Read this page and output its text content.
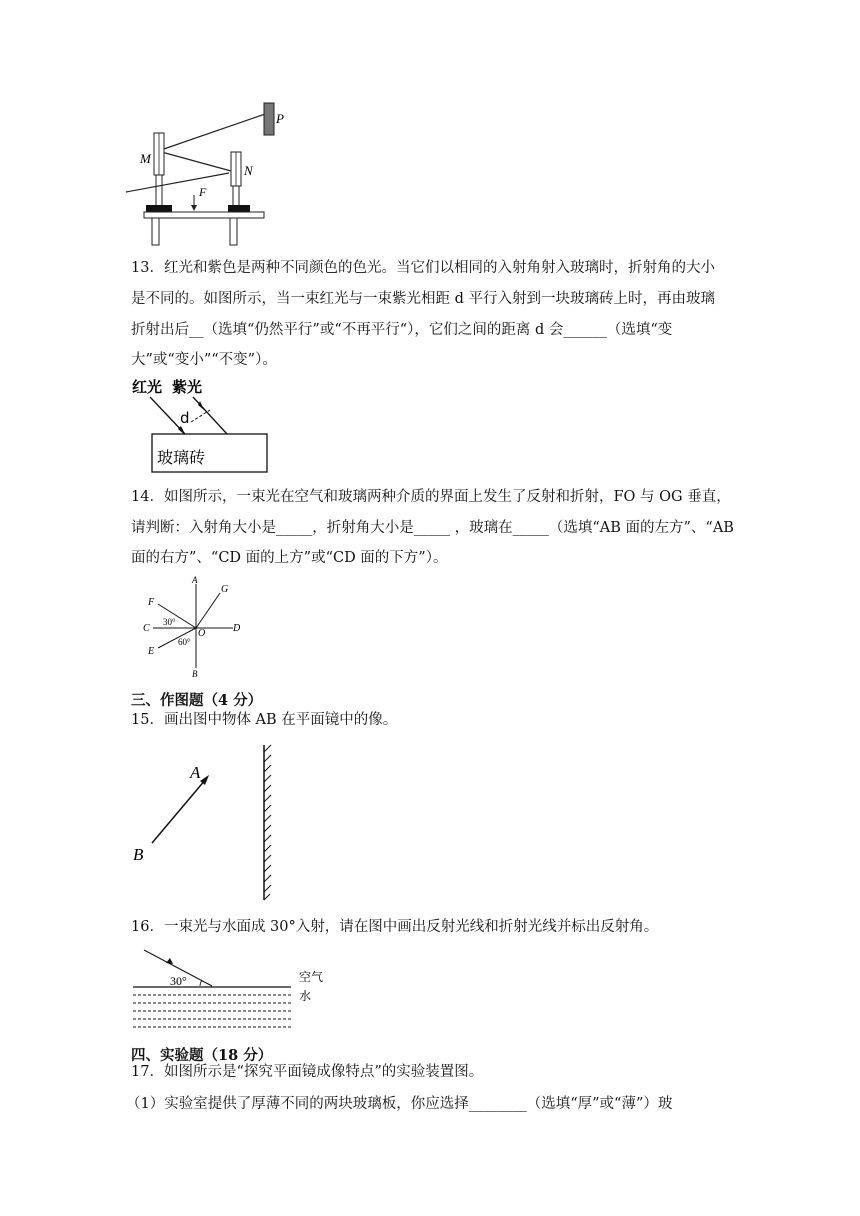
M
N
P
F
13．红光和紫色是两种不同颜色的色光。当它们以相同的入射角射入玻璃时，折射角的大小
是不同的。如图所示，当一束红光与一束紫光相距 d 平行入射到一块玻璃砖上时，再由玻璃
折射出后__（选填“仍然平行”或“不再平行“），它们之间的距离 d 会______（选填“变
大”或“变小”“不变”）。
红光 紫光
d
玻璃砖
14．如图所示，一束光在空气和玻璃两种介质的界面上发生了反射和折射，FO 与 OG 垂直，
请判断：入射角大小是_____，折射角大小是_____ ，玻璃在_____（选填“AB 面的左方”、“AB
面的右方”、“CD 面的上方”或“CD 面的下方”）。
A
B
C	D
E
F
G
O
30°
60°
三、作图题（4 分）
15．画出图中物体 AB 在平面镜中的像。
A
B
16．一束光与水面成 30°入射，请在图中画出反射光线和折射光线并标出反射角。
30°	空气
水
四、实验题（18 分）
17．如图所示是“探究平面镜成像特点”的实验装置图。
（1）实验室提供了厚薄不同的两块玻璃板，你应选择________（选填“厚”或“薄”）玻
